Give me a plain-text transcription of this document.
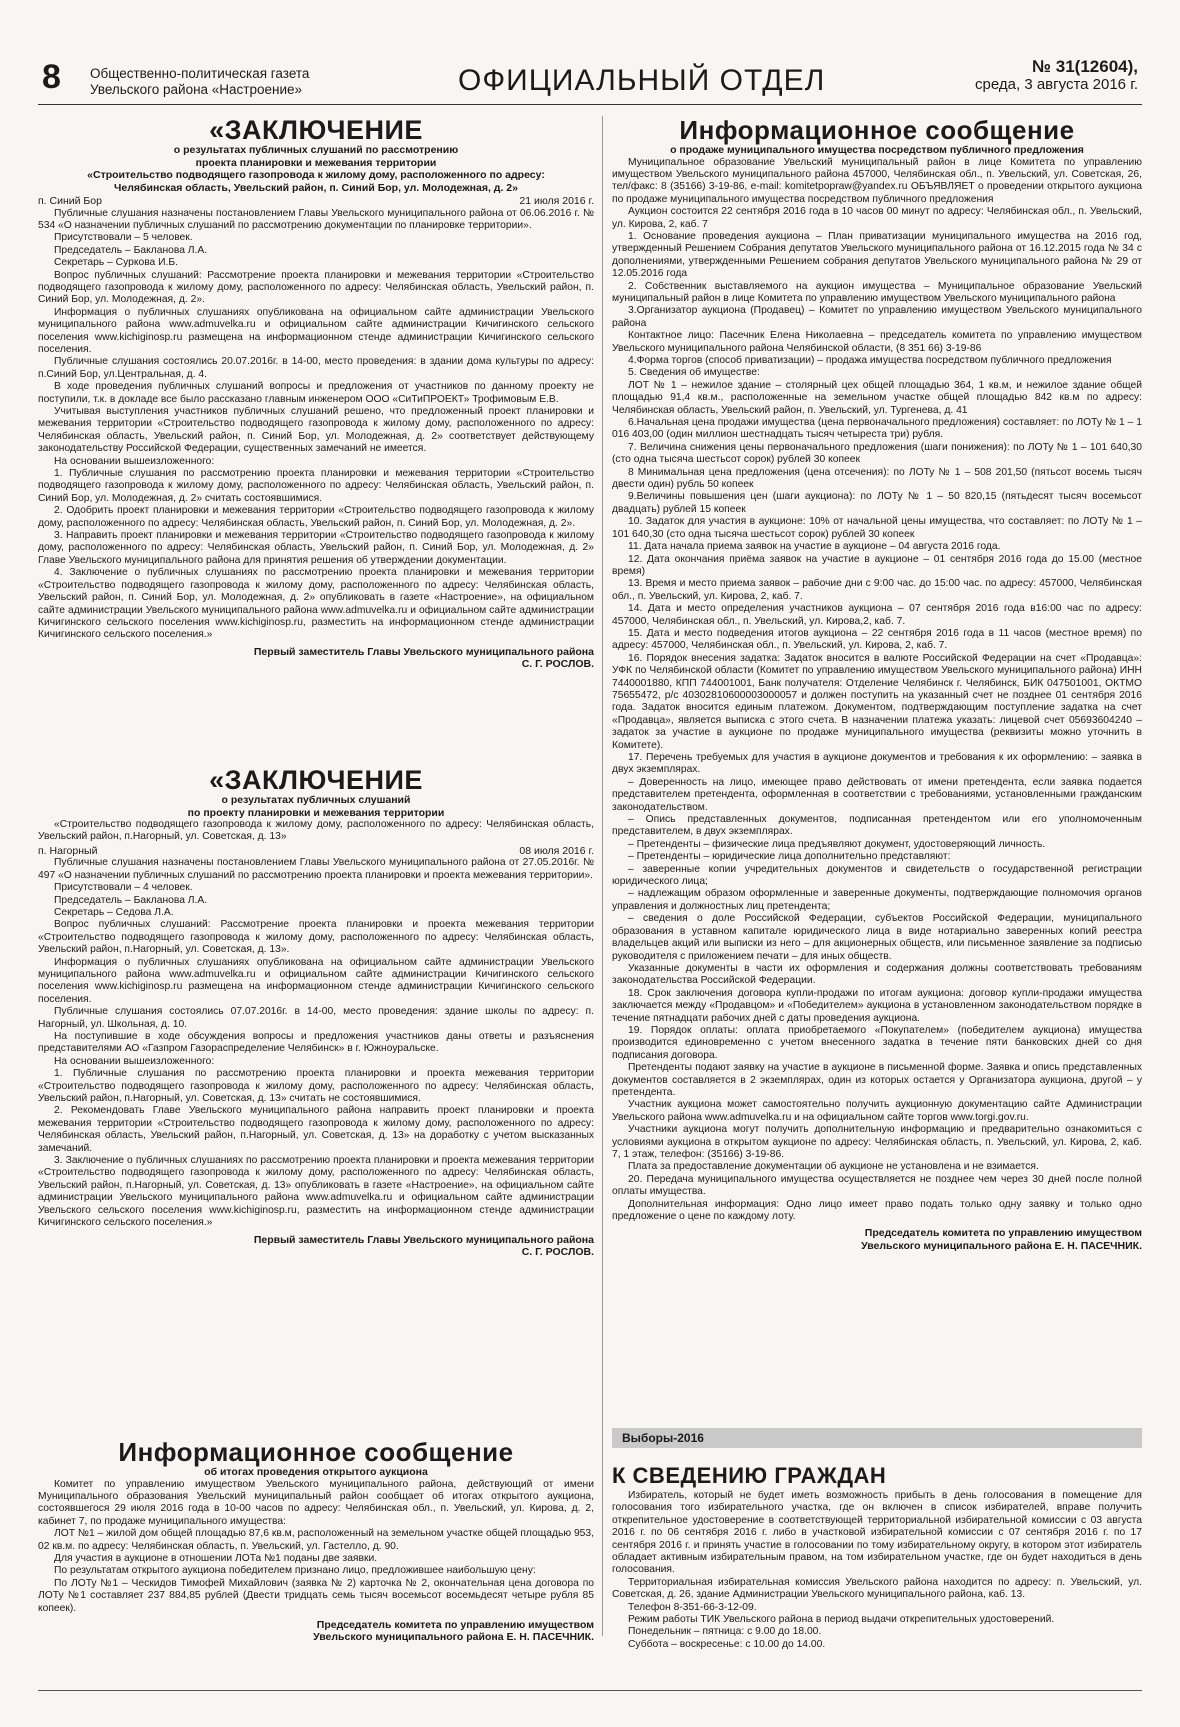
8 Общественно-политическая газета
Увельского района «Настроение»	ОФИЦИАЛЬНЫЙ ОТДЕЛ	№ 31(12604),
среда, 3 августа 2016 г.
«ЗАКЛЮЧЕНИЕ
о результатах публичных слушаний по рассмотрению
проекта планировки и межевания территории
«Строительство подводящего газопровода к жилому дому, расположенного по адресу:
Челябинская область, Увельский район, п. Синий Бор, ул. Молодежная, д. 2»
п. Синий Бор	21 июля 2016 г.

Публичные слушания назначены постановлением Главы Увельского муниципального района от 06.06.2016 г. № 534 «О назначении публичных слушаний по рассмотрению документации по планировке территории».

Присутствовали – 5 человек.

Председатель – Бакланова Л.А.

Секретарь – Суркова И.Б.

Вопрос публичных слушаний: Рассмотрение проекта планировки и межевания территории «Строительство подводящего газопровода к жилому дому, расположенного по адресу: Челябинская область, Увельский район, п. Синий Бор, ул. Молодежная, д. 2».

Информация о публичных слушаниях опубликована на официальном сайте администрации Увельского муниципального района www.admuvelka.ru и официальном сайте администрации Кичигинского сельского поселения www.kichiginosp.ru размещена на информационном стенде администрации Кичигинского сельского поселения.

Публичные слушания состоялись 20.07.2016г. в 14-00, место проведения: в здании дома культуры по адресу: п.Синий Бор, ул.Центральная, д. 4.

В ходе проведения публичных слушаний вопросы и предложения от участников по данному проекту не поступили, т.к. в докладе все было рассказано главным инженером ООО «СиТиПРОЕКТ» Трофимовым Е.В.

Учитывая выступления участников публичных слушаний решено, что предложенный проект планировки и межевания территории «Строительство подводящего газопровода к жилому дому, расположенного по адресу: Челябинская область, Увельский район, п. Синий Бор, ул. Молодежная, д. 2» соответствует действующему законодательству Российской Федерации, существенных замечаний не имеется.

На основании вышеизложенного:

1. Публичные слушания по рассмотрению проекта планировки и межевания территории «Строительство подводящего газопровода к жилому дому, расположенного по адресу: Челябинская область, Увельский район, п. Синий Бор, ул. Молодежная, д. 2» считать состоявшимися.

2. Одобрить проект планировки и межевания территории «Строительство подводящего газопровода к жилому дому, расположенного по адресу: Челябинская область, Увельский район, п. Синий Бор, ул. Молодежная, д. 2».

3. Направить проект планировки и межевания территории «Строительство подводящего газопровода к жилому дому, расположенного по адресу: Челябинская область, Увельский район, п. Синий Бор, ул. Молодежная, д. 2» Главе Увельского муниципального района для принятия решения об утверждении документации.

4. Заключение о публичных слушаниях по рассмотрению проекта планировки и межевания территории «Строительство подводящего газопровода к жилому дому, расположенного по адресу: Челябинская область, Увельский район, п. Синий Бор, ул. Молодежная, д. 2» опубликовать в газете «Настроение», на официальном сайте администрации Увельского муниципального района www.admuvelka.ru и официальном сайте администрации Кичигинского сельского поселения www.kichiginosp.ru, разместить на информационном стенде администрации Кичигинского сельского поселения.»

Первый заместитель Главы Увельского муниципального района
С. Г. РОСЛОВ.
«ЗАКЛЮЧЕНИЕ
о результатах публичных слушаний
по проекту планировки и межевания территории

«Строительство подводящего газопровода к жилому дому, расположенного по адресу: Челябинская область, Увельский район, п.Нагорный, ул. Советская, д. 13»

п. Нагорный	08 июля 2016 г.

Публичные слушания назначены постановлением Главы Увельского муниципального района от 27.05.2016г. № 497 «О назначении публичных слушаний по рассмотрению проекта планировки и проекта межевания территории».

Присутствовали – 4 человек.

Председатель – Бакланова Л.А.

Секретарь – Седова Л.А.

Вопрос публичных слушаний: Рассмотрение проекта планировки и проекта межевания территории «Строительство подводящего газопровода к жилому дому, расположенного по адресу: Челябинская область, Увельский район, п.Нагорный, ул. Советская, д. 13».

Информация о публичных слушаниях опубликована на официальном сайте администрации Увельского муниципального района www.admuvelka.ru и официальном сайте администрации Кичигинского сельского поселения www.kichiginosp.ru размещена на информационном стенде администрации Кичигинского сельского поселения.

Публичные слушания состоялись 07.07.2016г. в 14-00, место проведения: здание школы по адресу: п. Нагорный, ул. Школьная, д. 10.

На поступившие в ходе обсуждения вопросы и предложения участников даны ответы и разъяснения представителями АО «Газпром Газораспределение Челябинск» в г. Южноуральске.

На основании вышеизложенного:

1. Публичные слушания по рассмотрению проекта планировки и проекта межевания территории «Строительство подводящего газопровода к жилому дому, расположенного по адресу: Челябинская область, Увельский район, п.Нагорный, ул. Советская, д. 13» считать не состоявшимися.

2. Рекомендовать Главе Увельского муниципального района направить проект планировки и проекта межевания территории «Строительство подводящего газопровода к жилому дому, расположенного по адресу: Челябинская область, Увельский район, п.Нагорный, ул. Советская, д. 13» на доработку с учетом высказанных замечаний.

3. Заключение о публичных слушаниях по рассмотрению проекта планировки и проекта межевания территории «Строительство подводящего газопровода к жилому дому, расположенного по адресу: Челябинская область, Увельский район, п.Нагорный, ул. Советская, д. 13» опубликовать в газете «Настроение», на официальном сайте администрации Увельского муниципального района www.admuvelka.ru и официальном сайте администрации Увельского сельского поселения www.kichiginosp.ru, разместить на информационном стенде администрации Кичигинского сельского поселения.»

Первый заместитель Главы Увельского муниципального района
С. Г. РОСЛОВ.
Информационное сообщение
об итогах проведения открытого аукциона

Комитет по управлению имуществом Увельского муниципального района, действующий от имени Муниципального образования Увельский муниципальный район сообщает об итогах открытого аукциона, состоявшегося 29 июля 2016 года в 10-00 часов по адресу: Челябинская обл., п. Увельский, ул. Кирова, д. 2, кабинет 7, по продаже муниципального имущества:

ЛОТ №1 – жилой дом общей площадью 87,6 кв.м, расположенный на земельном участке общей площадью 953, 02 кв.м. по адресу: Челябинская область, п. Увельский, ул. Гастелло, д. 90.

Для участия в аукционе в отношении ЛОТа №1 поданы две заявки.

По результатам открытого аукциона победителем признано лицо, предложившее наибольшую цену:

По ЛОТу №1 – Ческидов Тимофей Михайлович (заявка № 2) карточка № 2, окончательная цена договора по ЛОТу №1 составляет 237 884,85 рублей (Двести тридцать семь тысяч восемьсот восемьдесят четыре рубля 85 копеек).

Председатель комитета по управлению имуществом
Увельского муниципального района Е. Н. ПАСЕЧНИК.
Информационное сообщение
о продаже муниципального имущества посредством публичного предложения

Муниципальное образование Увельский муниципальный район в лице Комитета по управлению имуществом Увельского муниципального района 457000, Челябинская обл., п. Увельский, ул. Советская, 26, тел/факс: 8 (35166) 3-19-86, e-mail: komitetpopraw@yandex.ru ОБЪЯВЛЯЕТ о проведении открытого аукциона по продаже муниципального имущества посредством публичного предложения

Аукцион состоится 22 сентября 2016 года в 10 часов 00 минут по адресу: Челябинская обл., п. Увельский, ул. Кирова, 2, каб. 7

1. Основание проведения аукциона – План приватизации муниципального имущества на 2016 год, утвержденный Решением Собрания депутатов Увельского муниципального района от 16.12.2015 года № 34 с дополнениями, утвержденными Решением собрания депутатов Увельского муниципального района № 29 от 12.05.2016 года

2. Собственник выставляемого на аукцион имущества – Муниципальное образование Увельский муниципальный район в лице Комитета по управлению имуществом Увельского муниципального района

3.Организатор аукциона (Продавец) – Комитет по управлению имуществом Увельского муниципального района

Контактное лицо: Пасечник Елена Николаевна – председатель комитета по управлению имуществом Увельского муниципального района Челябинской области, (8 351 66) 3-19-86

4.Форма торгов (способ приватизации) – продажа имущества посредством публичного предложения

5. Сведения об имуществе:

ЛОТ № 1 – нежилое здание – столярный цех общей площадью 364, 1 кв.м, и нежилое здание общей площадью 91,4 кв.м., расположенные на земельном участке общей площадью 842 кв.м по адресу: Челябинская область, Увельский район, п. Увельский, ул. Тургенева, д. 41

6.Начальная цена продажи имущества (цена первоначального предложения) составляет: по ЛОТу № 1 – 1 016 403,00 (один миллион шестнадцать тысяч четыреста три) рубля.

7. Величина снижения цены первоначального предложения (шаги понижения): по ЛОТу № 1 – 101 640,30 (сто одна тысяча шестьсот сорок) рублей 30 копеек

8 Минимальная цена предложения (цена отсечения): по ЛОТу № 1 – 508 201,50 (пятьсот восемь тысяч двести один) рубль 50 копеек

9.Величины повышения цен (шаги аукциона): по ЛОТу № 1 – 50 820,15 (пятьдесят тысяч восемьсот двадцать) рублей 15 копеек

10. Задаток для участия в аукционе: 10% от начальной цены имущества, что составляет: по ЛОТу № 1 – 101 640,30 (сто одна тысяча шестьсот сорок) рублей 30 копеек

11. Дата начала приема заявок на участие в аукционе – 04 августа 2016 года.

12. Дата окончания приёма заявок на участие в аукционе – 01 сентября 2016 года до 15.00 (местное время)

13. Время и место приема заявок – рабочие дни с 9:00 час. до 15:00 час. по адресу: 457000, Челябинская обл., п. Увельский, ул. Кирова, 2, каб. 7.

14. Дата и место определения участников аукциона – 07 сентября 2016 года в16:00 час по адресу: 457000, Челябинская обл., п. Увельский, ул. Кирова,2, каб. 7.

15. Дата и место подведения итогов аукциона – 22 сентября 2016 года в 11 часов (местное время) по адресу: 457000, Челябинская обл., п. Увельский, ул. Кирова, 2, каб. 7.

16. Порядок внесения задатка: Задаток вносится в валюте Российской Федерации на счет «Продавца»: УФК по Челябинской области (Комитет по управлению имуществом Увельского муниципального района) ИНН 7440001880, КПП 744001001, Банк получателя: Отделение Челябинск г. Челябинск, БИК 047501001, ОКТМО 75655472, р/с 40302810600003000057 и должен поступить на указанный счет не позднее 01 сентября 2016 года. Задаток вносится единым платежом. Документом, подтверждающим поступление задатка на счет «Продавца», является выписка с этого счета. В назначении платежа указать: лицевой счет 05693604240 – задаток за участие в аукционе по продаже муниципального имущества (реквизиты можно уточнить в Комитете).

17. Перечень требуемых для участия в аукционе документов и требования к их оформлению: – заявка в двух экземплярах.

– Доверенность на лицо, имеющее право действовать от имени претендента, если заявка подается представителем претендента, оформленная в соответствии с требованиями, установленными гражданским законодательством.

– Опись представленных документов, подписанная претендентом или его уполномоченным представителем, в двух экземплярах.

– Претенденты – физические лица предъявляют документ, удостоверяющий личность.

– Претенденты – юридические лица дополнительно представляют:

– заверенные копии учредительных документов и свидетельств о государственной регистрации юридического лица;

– надлежащим образом оформленные и заверенные документы, подтверждающие полномочия органов управления и должностных лиц претендента;

– сведения о доле Российской Федерации, субъектов Российской Федерации, муниципального образования в уставном капитале юридического лица в виде нотариально заверенных копий реестра владельцев акций или выписки из него – для акционерных обществ, или письменное заявление за подписью руководителя с приложением печати – для иных обществ.

Указанные документы в части их оформления и содержания должны соответствовать требованиям законодательства Российской Федерации.

18. Срок заключения договора купли-продажи по итогам аукциона: договор купли-продажи имущества заключается между «Продавцом» и «Победителем» аукциона в установленном законодательством порядке в течение пятнадцати рабочих дней с даты проведения аукциона.

19. Порядок оплаты: оплата приобретаемого «Покупателем» (победителем аукциона) имущества производится единовременно с учетом внесенного задатка в течение пяти банковских дней со дня подписания договора.

Претенденты подают заявку на участие в аукционе в письменной форме. Заявка и опись представленных документов составляется в 2 экземплярах, один из которых остается у Организатора аукциона, другой – у претендента.

Участник аукциона может самостоятельно получить аукционную документацию сайте Администрации Увельского района www.admuvelka.ru и на официальном сайте торгов www.torgi.gov.ru.

Участники аукциона могут получить дополнительную информацию и предварительно ознакомиться с условиями аукциона в открытом аукционе по адресу: Челябинская область, п. Увельский, ул. Кирова, 2, каб. 7, 1 этаж, телефон: (35166) 3-19-86.

Плата за предоставление документации об аукционе не установлена и не взимается.

20. Передача муниципального имущества осуществляется не позднее чем через 30 дней после полной оплаты имущества.

Дополнительная информация: Одно лицо имеет право подать только одну заявку и только одно предложение о цене по каждому лоту.

Председатель комитета по управлению имуществом
Увельского муниципального района Е. Н. ПАСЕЧНИК.
Выборы-2016
К СВЕДЕНИЮ ГРАЖДАН

Избиратель, который не будет иметь возможность прибыть в день голосования в помещение для голосования того избирательного участка, где он включен в список избирателей, вправе получить открепительное удостоверение в соответствующей территориальной избирательной комиссии с 03 августа 2016 г. по 06 сентября 2016 г. либо в участковой избирательной комиссии с 07 сентября 2016 г. по 17 сентября 2016 г. и принять участие в голосовании по тому избирательному округу, в котором этот избиратель обладает активным избирательным правом, на том избирательном участке, где он будет находиться в день голосования.

Территориальная избирательная комиссия Увельского района находится по адресу: п. Увельский, ул. Советская, д. 26, здание Администрации Увельского муниципального района, каб. 13.

Телефон 8-351-66-3-12-09.

Режим работы ТИК Увельского района в период выдачи открепительных удостоверений.

Понедельник – пятница: с 9.00 до 18.00.

Суббота – воскресенье: с 10.00 до 14.00.
